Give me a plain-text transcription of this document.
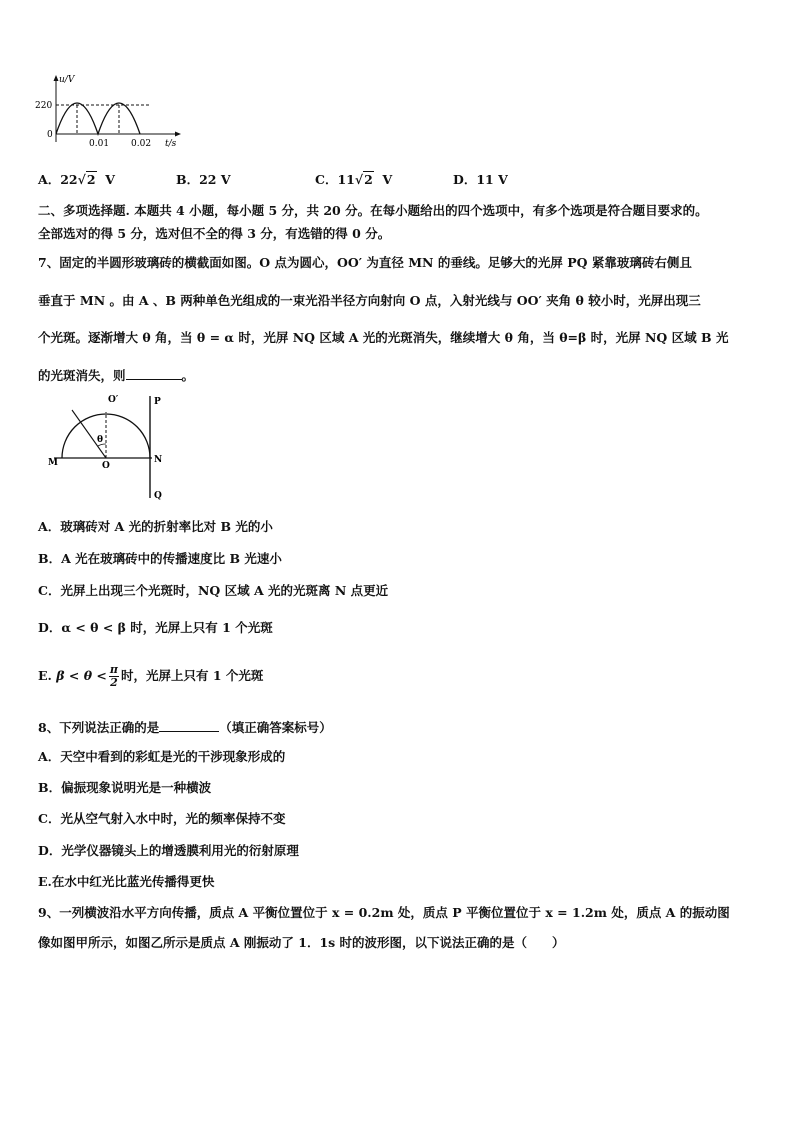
u/V
220
0
0.01 0.02 t/s
A．22√2 V	B．22 V	C．11√2 V	D．11 V
二、多项选择题. 本题共 4 小题，每小题 5 分，共 20 分。在每小题给出的四个选项中，有多个选项是符合题目要求的。
全部选对的得 5 分，选对但不全的得 3 分，有选错的得 0 分。
7、固定的半圆形玻璃砖的横截面如图。O 点为圆心，OO′ 为直径 MN 的垂线。足够大的光屏 PQ 紧靠玻璃砖右侧且
垂直于 MN 。由 A 、B 两种单色光组成的一束光沿半径方向射向 O 点，入射光线与 OO′ 夹角 θ 较小时，光屏出现三
个光斑。逐渐增大 θ 角，当 θ = α 时，光屏 NQ 区域 A 光的光斑消失，继续增大 θ 角，当 θ=β 时，光屏 NQ 区域 B 光
的光斑消失，则	。
O′	P
θ
M	O
N
Q
A．玻璃砖对 A 光的折射率比对 B 光的小
B．A 光在玻璃砖中的传播速度比 B 光速小
C．光屏上出现三个光斑时，NQ 区域 A 光的光斑离 N 点更近
D．α < θ < β 时，光屏上只有 1 个光斑
E. $\beta < \theta < \frac{\pi}{2}$ 时，光屏上只有 1 个光斑
8、下列说法正确的是	（填正确答案标号）
A．天空中看到的彩虹是光的干涉现象形成的
B．偏振现象说明光是一种横波
C．光从空气射入水中时，光的频率保持不变
D．光学仪器镜头上的增透膜利用光的衍射原理
E.在水中红光比蓝光传播得更快
9、一列横波沿水平方向传播，质点 A 平衡位置位于 x = 0.2m 处，质点 P 平衡位置位于 x = 1.2m 处，质点 A 的振动图
像如图甲所示，如图乙所示是质点 A 刚振动了 1．1s 时的波形图，以下说法正确的是（　　）
